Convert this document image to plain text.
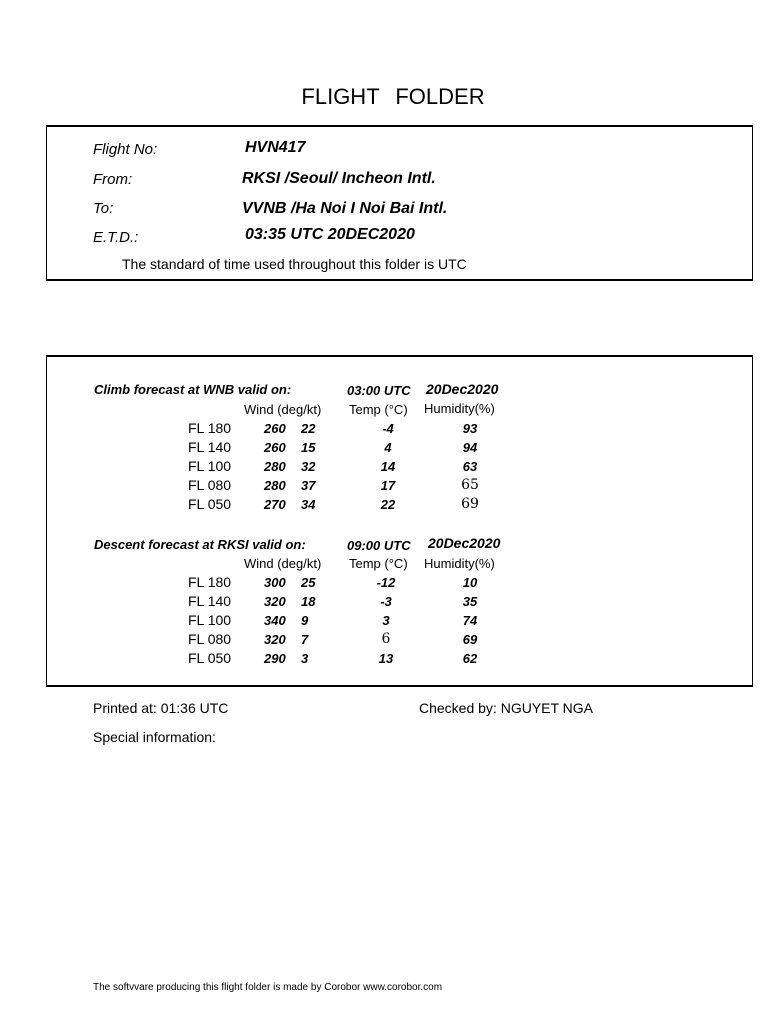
FLIGHT FOLDER
Flight No:	HVN417
From:	RKSI /Seoul/ Incheon Intl.
To:	VVNB /Ha Noi I Noi Bai Intl.
E.T.D.:	03:35 UTC 20DEC2020
The standard of time used throughout this folder is UTC
Climb forecast at WNB valid on:	03:00 UTC 20Dec2020
Wind (deg/kt) Temp (°C) Humidity(%)
FL 180	260 22	-4	93
FL 140	260 15	4	94
FL 100	280 32	14	63
FL 080	280 37	17	65
FL 050	270 34	22	69
Descent forecast at RKSI valid on:	09:00 UTC 20Dec2020
Wind (deg/kt) Temp (°C) Humidity(%)
FL 180	300 25	-12	10
FL 140	320 18	-3	35
FL 100	340 9	3	74
FL 080	320 7	6	69
FL 050	290 3	13	62
Printed at: 01:36 UTC	Checked by: NGUYET NGA
Special information:
The softvvare producing this flight folder is made by Corobor www.corobor.com
